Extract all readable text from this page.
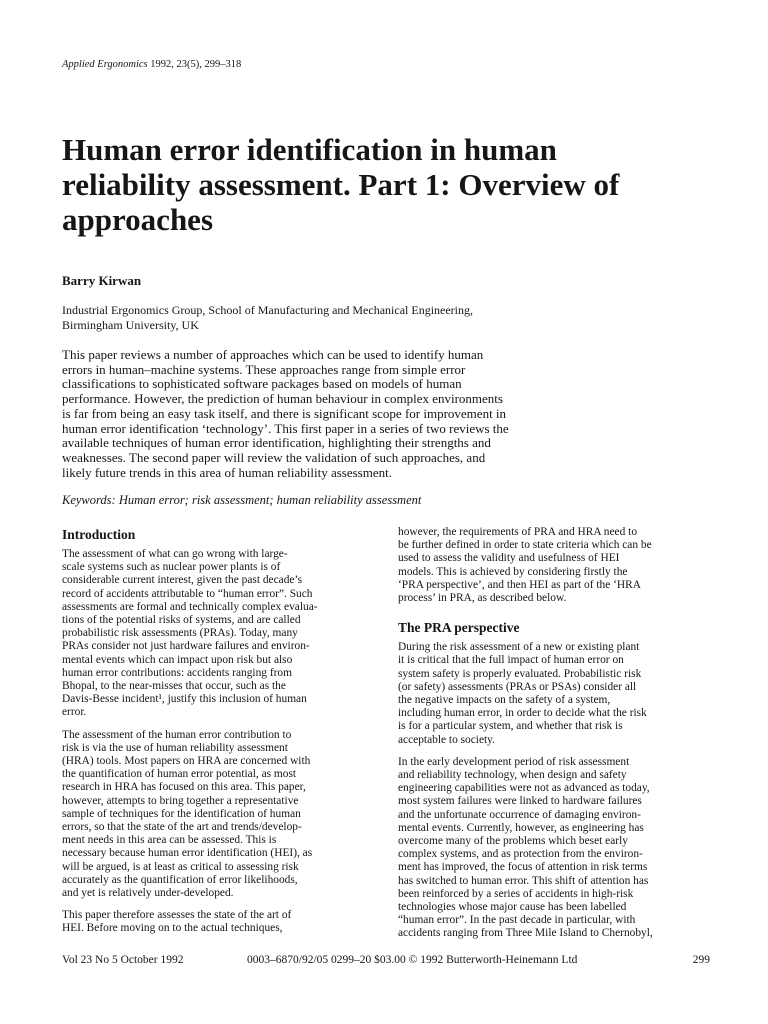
Applied Ergonomics 1992, 23(5), 299–318
Human error identification in human
reliability assessment. Part 1: Overview of
approaches
Barry Kirwan
Industrial Ergonomics Group, School of Manufacturing and Mechanical Engineering,
Birmingham University, UK
This paper reviews a number of approaches which can be used to identify human
errors in human–machine systems. These approaches range from simple error
classifications to sophisticated software packages based on models of human
performance. However, the prediction of human behaviour in complex environments
is far from being an easy task itself, and there is significant scope for improvement in
human error identification ‘technology’. This first paper in a series of two reviews the
available techniques of human error identification, highlighting their strengths and
weaknesses. The second paper will review the validation of such approaches, and
likely future trends in this area of human reliability assessment.
Keywords: Human error; risk assessment; human reliability assessment
Introduction
The assessment of what can go wrong with large-
scale systems such as nuclear power plants is of
considerable current interest, given the past decade’s
record of accidents attributable to “human error”. Such
assessments are formal and technically complex evalua-
tions of the potential risks of systems, and are called
probabilistic risk assessments (PRAs). Today, many
PRAs consider not just hardware failures and environ-
mental events which can impact upon risk but also
human error contributions: accidents ranging from
Bhopal, to the near-misses that occur, such as the
Davis-Besse incident¹, justify this inclusion of human
error.
The assessment of the human error contribution to
risk is via the use of human reliability assessment
(HRA) tools. Most papers on HRA are concerned with
the quantification of human error potential, as most
research in HRA has focused on this area. This paper,
however, attempts to bring together a representative
sample of techniques for the identification of human
errors, so that the state of the art and trends/develop-
ment needs in this area can be assessed. This is
necessary because human error identification (HEI), as
will be argued, is at least as critical to assessing risk
accurately as the quantification of error likelihoods,
and yet is relatively under-developed.
This paper therefore assesses the state of the art of
HEI. Before moving on to the actual techniques,
however, the requirements of PRA and HRA need to
be further defined in order to state criteria which can be
used to assess the validity and usefulness of HEI
models. This is achieved by considering firstly the
‘PRA perspective’, and then HEI as part of the ‘HRA
process’ in PRA, as described below.
The PRA perspective
During the risk assessment of a new or existing plant
it is critical that the full impact of human error on
system safety is properly evaluated. Probabilistic risk
(or safety) assessments (PRAs or PSAs) consider all
the negative impacts on the safety of a system,
including human error, in order to decide what the risk
is for a particular system, and whether that risk is
acceptable to society.
In the early development period of risk assessment
and reliability technology, when design and safety
engineering capabilities were not as advanced as today,
most system failures were linked to hardware failures
and the unfortunate occurrence of damaging environ-
mental events. Currently, however, as engineering has
overcome many of the problems which beset early
complex systems, and as protection from the environ-
ment has improved, the focus of attention in risk terms
has switched to human error. This shift of attention has
been reinforced by a series of accidents in high-risk
technologies whose major cause has been labelled
“human error”. In the past decade in particular, with
accidents ranging from Three Mile Island to Chernobyl,
Vol 23 No 5 October 1992	0003–6870/92/05 0299–20 $03.00 © 1992 Butterworth-Heinemann Ltd	299
